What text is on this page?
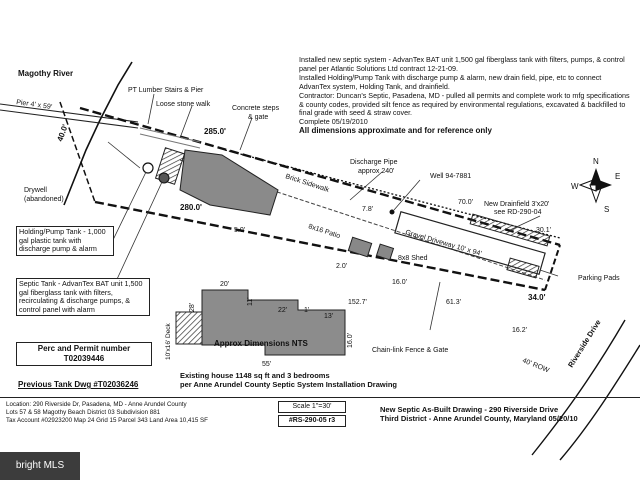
Magothy River
Pier 4' x 59'
PT Lumber Stairs & Pier
Loose stone walk
Concrete steps
& gate
Drywell
(abandoned)
Discharge Pipe
approx 240'
Well 94-7881
New Drainfield 3'x20'
see RD-290-04
Brick Sidewalk
8x16 Patio
8x8 Shed
Gravel Driveway 10' x 94'
Parking Pads
Riverside Drive
40' ROW
Chain-link Fence & Gate
40.0'	285.0'
280.0'
70.0'
7.8'
30.1'
5.0'
2.0'
16.0'
152.7'	61.3'
16.2'
34.0'
Approx Dimensions NTS
10'x16' Deck
20'
28'
11'
22' 1'
13'
16.0'
55'
Existing house 1148 sq ft and 3 bedrooms
per Anne Arundel County Septic System Installation Drawing
N
E
W
S

Installed new septic system - AdvanTex BAT unit 1,500 gal fiberglass tank with filters, pumps, & control panel per Atlantic Solutions Ltd contract 12-21-09.

Installed Holding/Pump Tank with discharge pump & alarm, new drain field, pipe, etc to connect AdvanTex system, Holding Tank, and drainfield.

Contractor: Duncan's Septic, Pasadena, MD - pulled all permits and complete work to mfg specifications & county codes, provided silt fence as required by environmental regulations, excavated & backfilled to final grade with seed & straw cover.

Complete 05/19/2010

All dimensions approximate and for reference only

Holding/Pump Tank - 1,000 gal plastic tank with discharge pump & alarm
Septic Tank - AdvanTex BAT unit 1,500 gal fiberglass tank with filters, recirculating & discharge pumps, & control panel with alarm
Perc and Permit number
T02039446
Previous Tank Dwg #T02036246
Location: 290 Riverside Dr, Pasadena, MD - Anne Arundel County
Lots 57 & 58 Magothy Beach District 03 Subdivision 881
Tax Account #02923200 Map 24 Grid 15 Parcel 343 Land Area 10,415 SF
Scale 1"=30'
#RS-290-05 r3
New Septic As-Built Drawing - 290 Riverside Drive
Third District - Anne Arundel County, Maryland 05/20/10
bright MLS
